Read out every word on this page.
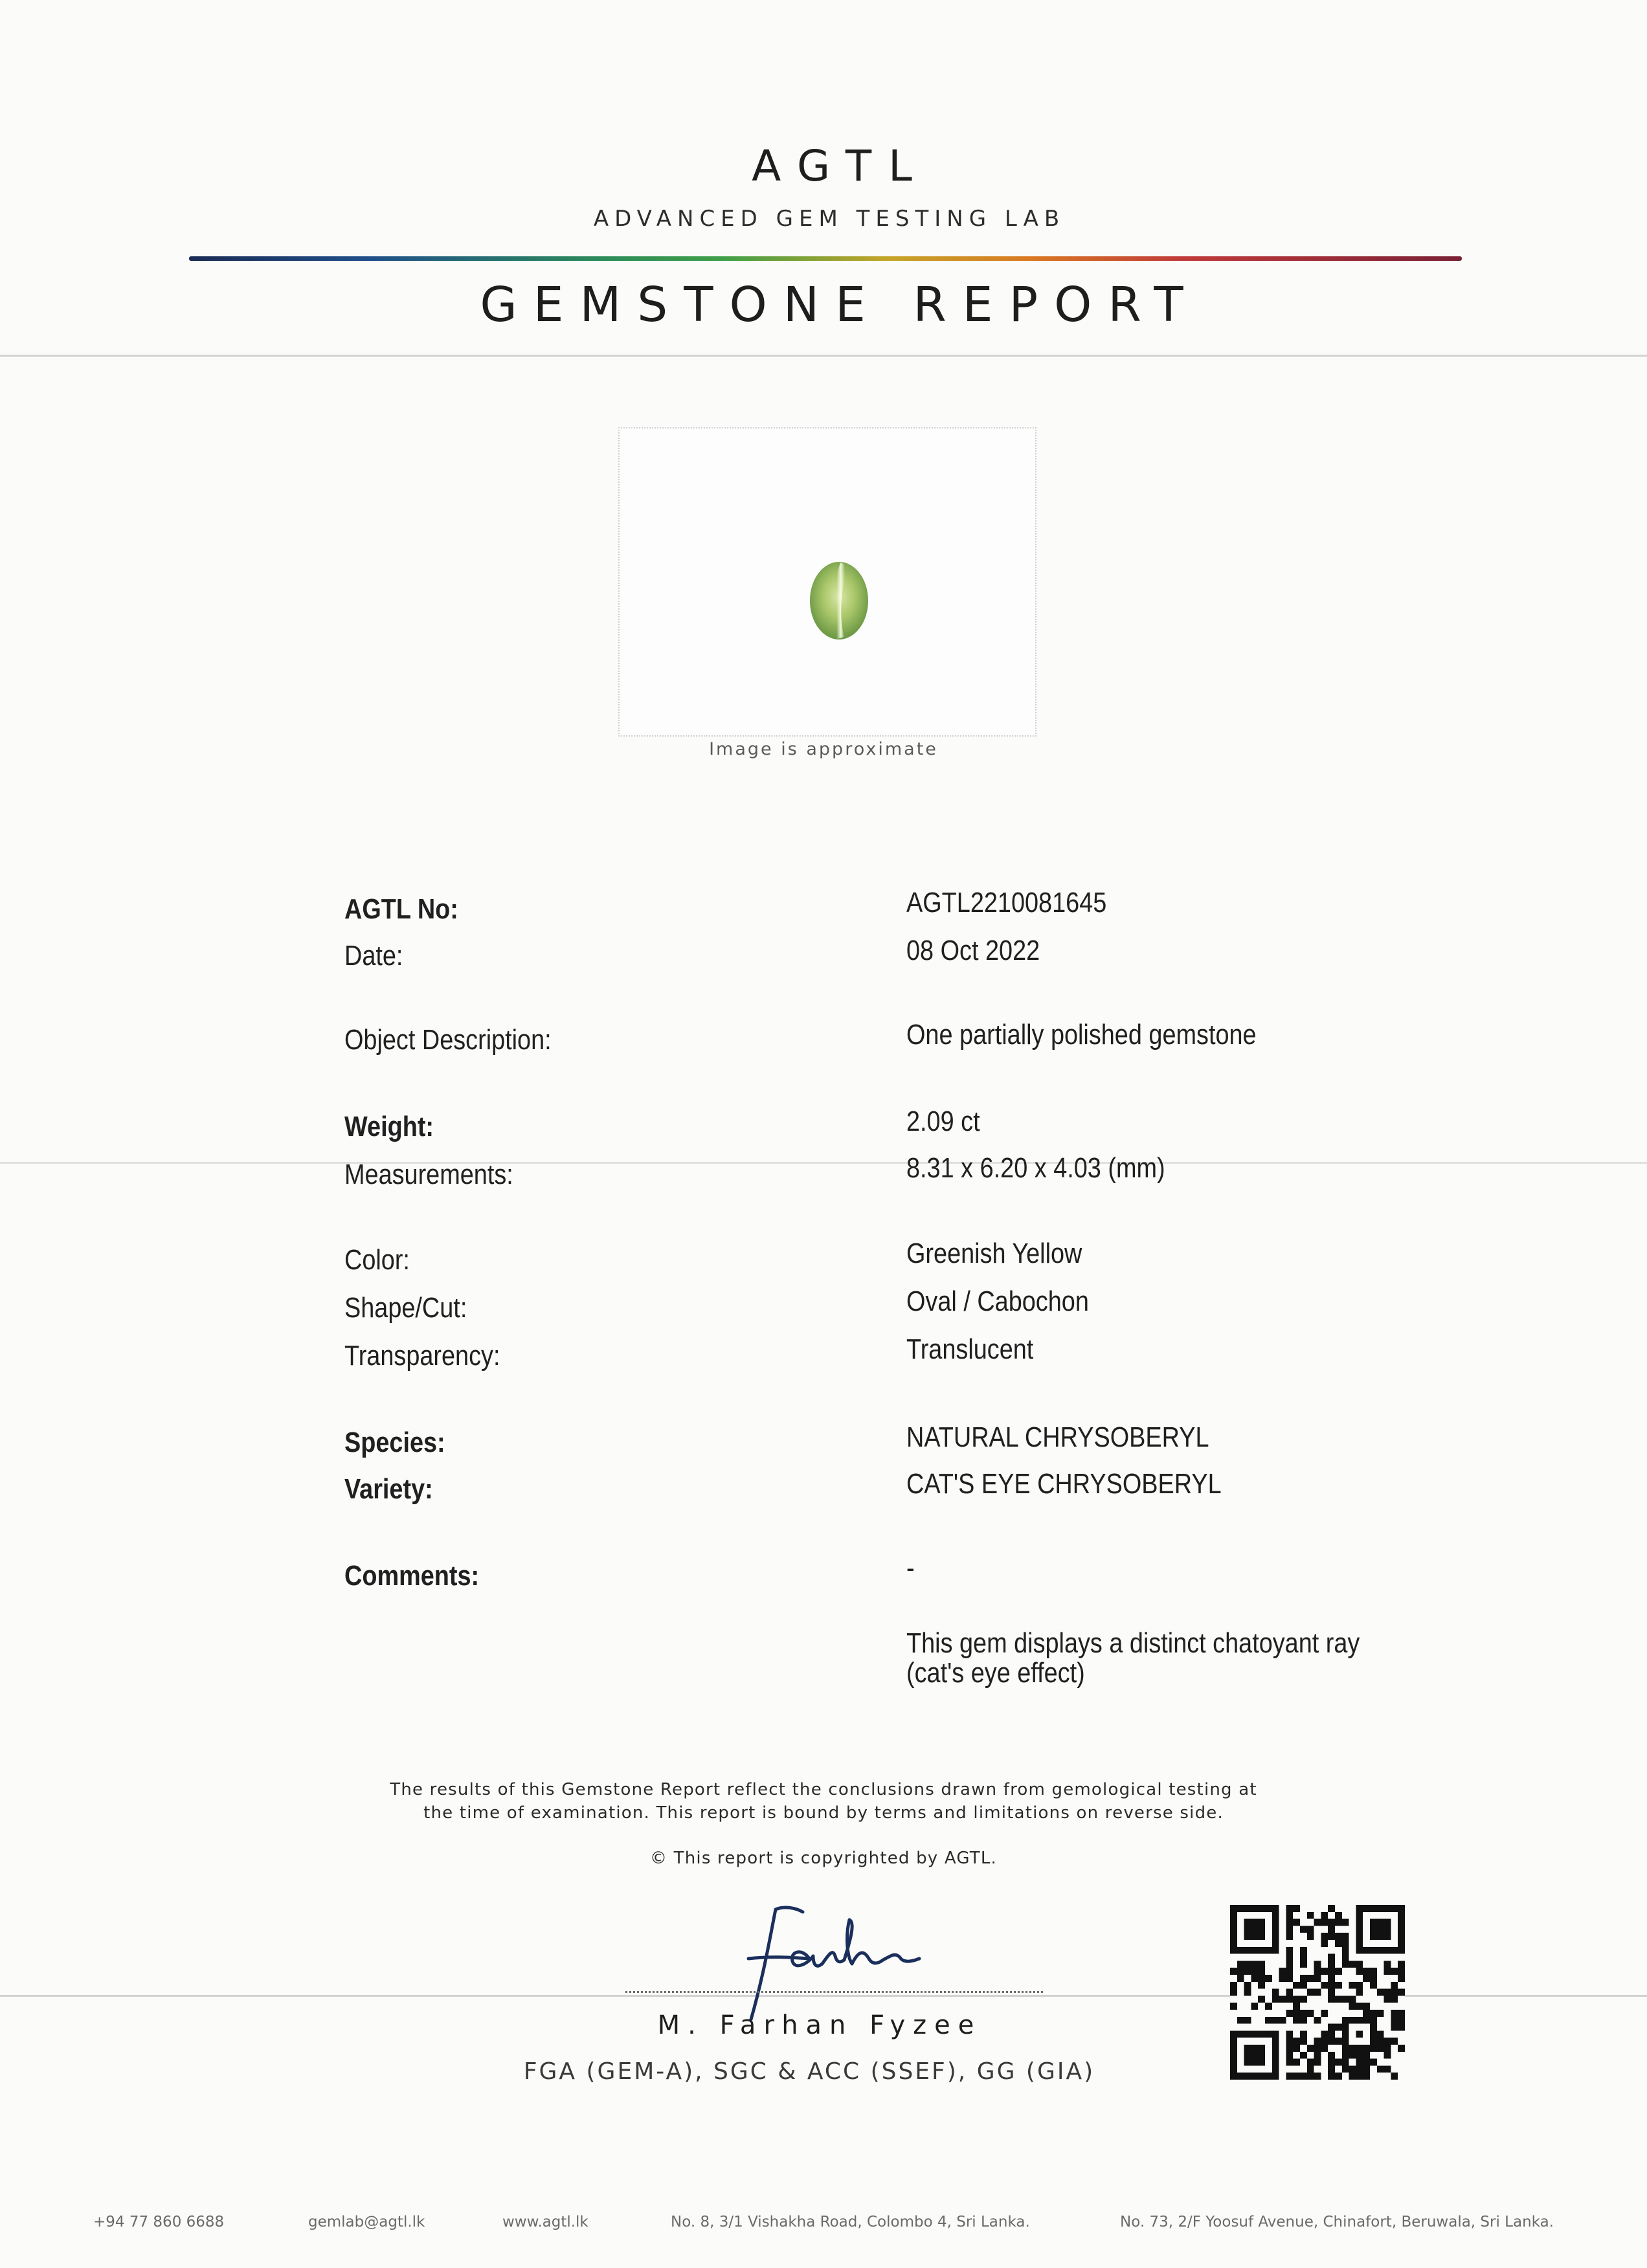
AGTL
ADVANCED GEM TESTING LAB
GEMSTONE REPORT
Image is approximate
AGTL No:	AGTL2210081645
Date:	08 Oct 2022
Object Description:	One partially polished gemstone
Weight:	2.09 ct
Measurements:	8.31 x 6.20 x 4.03 (mm)
Color:	Greenish Yellow
Shape/Cut:	Oval / Cabochon
Transparency:	Translucent
Species:	NATURAL CHRYSOBERYL
Variety:	CAT'S EYE CHRYSOBERYL
Comments:	-
This gem displays a distinct chatoyant ray
(cat's eye effect)
The results of this Gemstone Report reflect the conclusions drawn from gemological testing at
the time of examination. This report is bound by terms and limitations on reverse side.
© This report is copyrighted by AGTL.
M. Farhan Fyzee
FGA (GEM-A), SGC & ACC (SSEF), GG (GIA)
+94 77 860 6688	gemlab@agtl.lk	www.agtl.lk	No. 8, 3/1 Vishakha Road, Colombo 4, Sri Lanka.	No. 73, 2/F Yoosuf Avenue, Chinafort, Beruwala, Sri Lanka.
